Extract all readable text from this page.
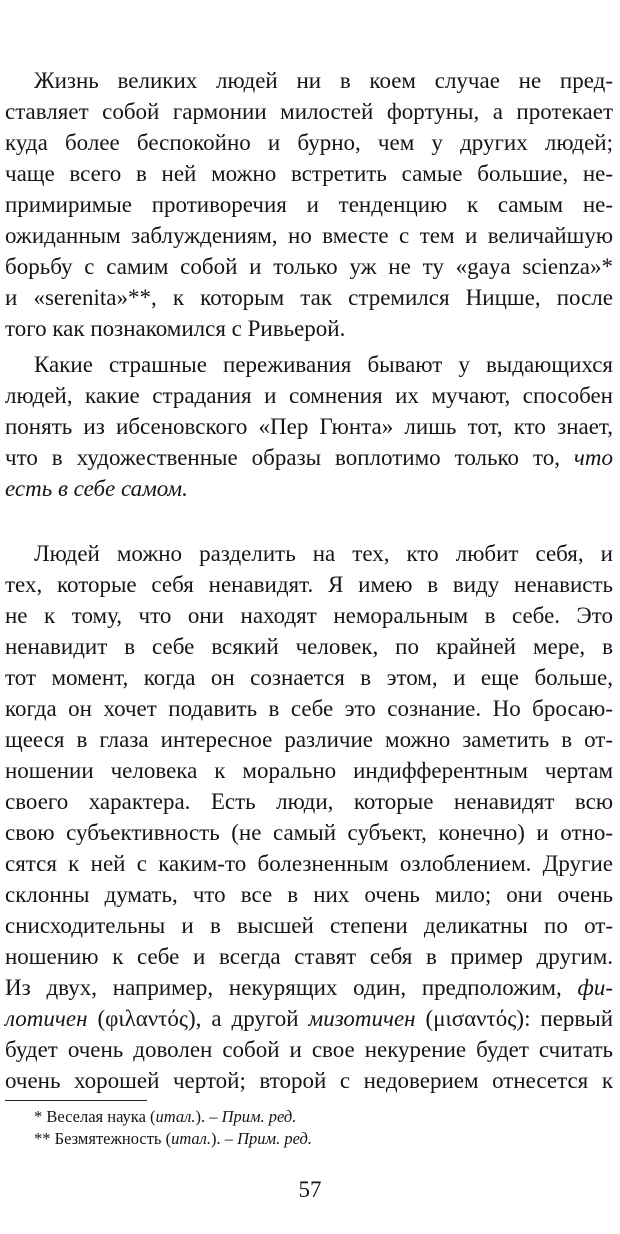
Жизнь великих людей ни в коем случае не пред-
ставляет собой гармонии милостей фортуны, а протекает
куда более беспокойно и бурно, чем у других людей;
чаще всего в ней можно встретить самые большие, не-
примиримые противоречия и тенденцию к самым не-
ожиданным заблуждениям, но вместе с тем и величайшую
борьбу с самим собой и только уж не ту «gaya scienza»*
и «serenita»**, к которым так стремился Ницше, после
того как познакомился с Ривьерой.
Какие страшные переживания бывают у выдающихся
людей, какие страдания и сомнения их мучают, способен
понять из ибсеновского «Пер Гюнта» лишь тот, кто знает,
что в художественные образы воплотимо только то, что
есть в себе самом.
Людей можно разделить на тех, кто любит себя, и
тех, которые себя ненавидят. Я имею в виду ненависть
не к тому, что они находят неморальным в себе. Это
ненавидит в себе всякий человек, по крайней мере, в
тот момент, когда он сознается в этом, и еще больше,
когда он хочет подавить в себе это сознание. Но бросаю-
щееся в глаза интересное различие можно заметить в от-
ношении человека к морально индифферентным чертам
своего характера. Есть люди, которые ненавидят всю
свою субъективность (не самый субъект, конечно) и отно-
сятся к ней с каким-то болезненным озлоблением. Другие
склонны думать, что все в них очень мило; они очень
снисходительны и в высшей степени деликатны по от-
ношению к себе и всегда ставят себя в пример другим.
Из двух, например, некурящих один, предположим, фи-
лотичен (φιλαντός), а другой мизотичен (μισαντός): первый
будет очень доволен собой и свое некурение будет считать
очень хорошей чертой; второй с недоверием отнесется к
* Веселая наука (итал.). – Прим. ред.
** Безмятежность (итал.). – Прим. ред.
57
